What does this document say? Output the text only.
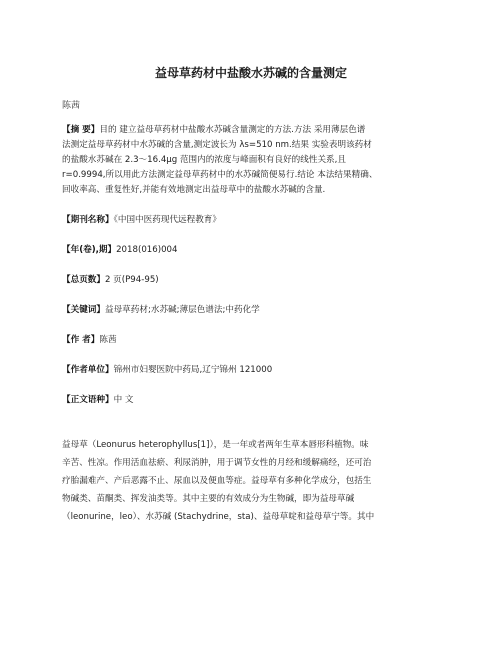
益母草药材中盐酸水苏碱的含量测定
陈茜
【摘 要】目的 建立益母草药材中盐酸水苏碱含量测定的方法.方法 采用薄层色谱
法测定益母草药材中水苏碱的含量,测定波长为 λs=510 nm.结果 实验表明该药材
的盐酸水苏碱在 2.3～16.4μg 范围内的浓度与峰面积有良好的线性关系,且
r=0.9994,所以用此方法测定益母草药材中的水苏碱简便易行.结论 本法结果精确、
回收率高、重复性好,并能有效地测定出益母草中的盐酸水苏碱的含量.
【期刊名称】《中国中医药现代远程教育》
【年(卷),期】2018(016)004
【总页数】2 页(P94-95)
【关键词】益母草药材;水苏碱;薄层色谱法;中药化学
【作 者】陈茜
【作者单位】锦州市妇婴医院中药局,辽宁锦州 121000
【正文语种】中 文
益母草（Leonurus heterophyllus[1]），是一年或者两年生草本唇形科植物。味
辛苦、性凉。作用活血祛瘀、利尿消肿，用于调节女性的月经和缓解痛经，还可治
疗胎漏难产、产后恶露不止、尿血以及便血等症。益母草有多种化学成分，包括生
物碱类、苗酮类、挥发油类等。其中主要的有效成分为生物碱，即为益母草碱
（leonurine，leo）、水苏碱 (Stachydrine，sta)、益母草啶和益母草宁等。其中
